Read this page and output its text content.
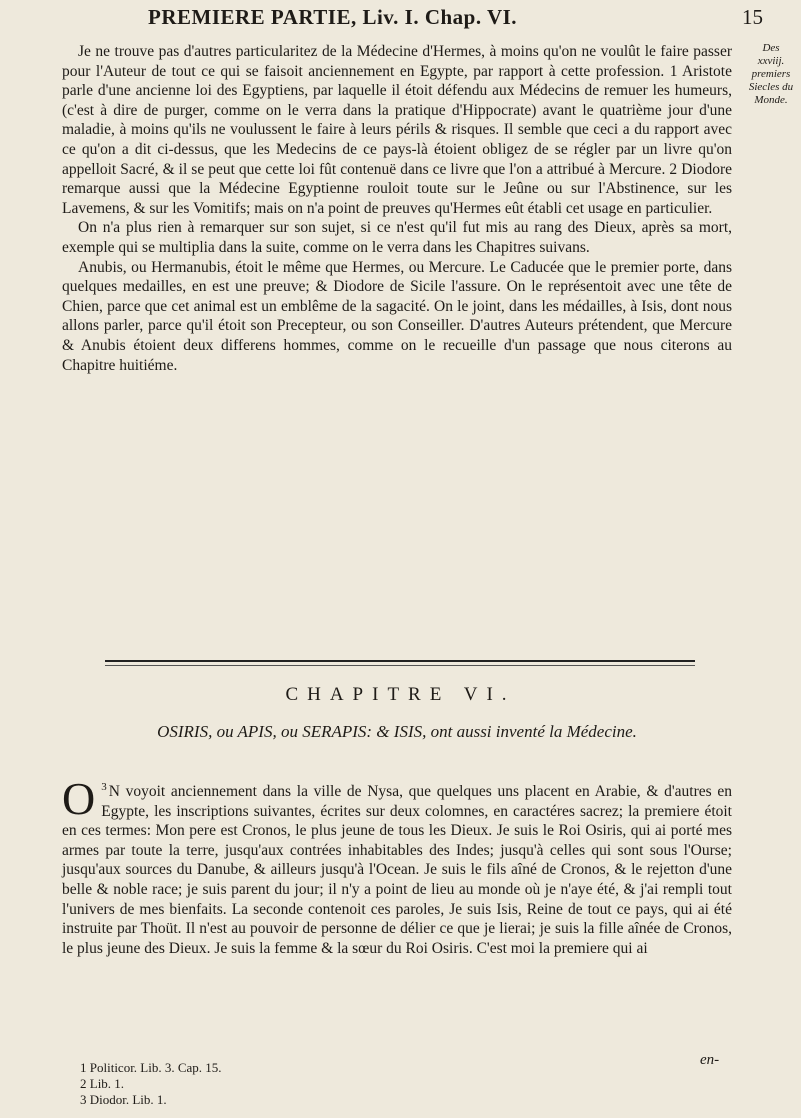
PREMIERE PARTIE, Liv. I. Chap. VI.	15
Des xxviij. premiers Siecles du Monde.

Je ne trouve pas d'autres particularitez de la Médecine d'Hermes, à moins qu'on ne voulût le faire passer pour l'Auteur de tout ce qui se faisoit anciennement en Egypte, par rapport à cette profession. 1 Aristote parle d'une ancienne loi des Egyptiens, par laquelle il étoit défendu aux Médecins de remuer les humeurs, (c'est à dire de purger, comme on le verra dans la pratique d'Hippocrate) avant le quatrième jour d'une maladie, à moins qu'ils ne voulussent le faire à leurs périls & risques. Il semble que ceci a du rapport avec ce qu'on a dit ci-dessus, que les Medecins de ce pays-là étoient obligez de se régler par un livre qu'on appelloit Sacré, & il se peut que cette loi fût contenuë dans ce livre que l'on a attribué à Mercure. 2 Diodore remarque aussi que la Médecine Egyptienne rouloit toute sur le Jeûne ou sur l'Abstinence, sur les Lavemens, & sur les Vomitifs; mais on n'a point de preuves qu'Hermes eût établi cet usage en particulier.

On n'a plus rien à remarquer sur son sujet, si ce n'est qu'il fut mis au rang des Dieux, après sa mort, exemple qui se multiplia dans la suite, comme on le verra dans les Chapitres suivans.

Anubis, ou Hermanubis, étoit le même que Hermes, ou Mercure. Le Caducée que le premier porte, dans quelques medailles, en est une preuve; & Diodore de Sicile l'assure. On le représentoit avec une tête de Chien, parce que cet animal est un emblême de la sagacité. On le joint, dans les médailles, à Isis, dont nous allons parler, parce qu'il étoit son Precepteur, ou son Conseiller. D'autres Auteurs prétendent, que Mercure & Anubis étoient deux differens hommes, comme on le recueille d'un passage que nous citerons au Chapitre huitiéme.

CHAPITRE VI.
OSIRIS, ou APIS, ou SERAPIS: & ISIS, ont aussi inventé la Médecine.
$^3$
O N voyoit anciennement dans la ville de Nysa, que quelques uns placent en Arabie, & d'autres en Egypte, les inscriptions suivantes, écrites sur deux colomnes, en caractéres sacrez; la premiere étoit en ces termes: Mon pere est Cronos, le plus jeune de tous les Dieux. Je suis le Roi Osiris, qui ai porté mes armes par toute la terre, jusqu'aux contrées inhabitables des Indes; jusqu'à celles qui sont sous l'Ourse; jusqu'aux sources du Danube, & ailleurs jusqu'à l'Ocean. Je suis le fils aîné de Cronos, & le rejetton d'une belle & noble race; je suis parent du jour; il n'y a point de lieu au monde où je n'aye été, & j'ai rempli tout l'univers de mes bienfaits. La seconde contenoit ces paroles, Je suis Isis, Reine de tout ce pays, qui ai été instruite par Thoüt. Il n'est au pouvoir de personne de délier ce que je lierai; je suis la fille aînée de Cronos, le plus jeune des Dieux. Je suis la femme & la sœur du Roi Osiris. C'est moi la premiere qui ai
en-
1 Politicor. Lib. 3. Cap. 15.
2 Lib. 1.
3 Diodor. Lib. 1.
